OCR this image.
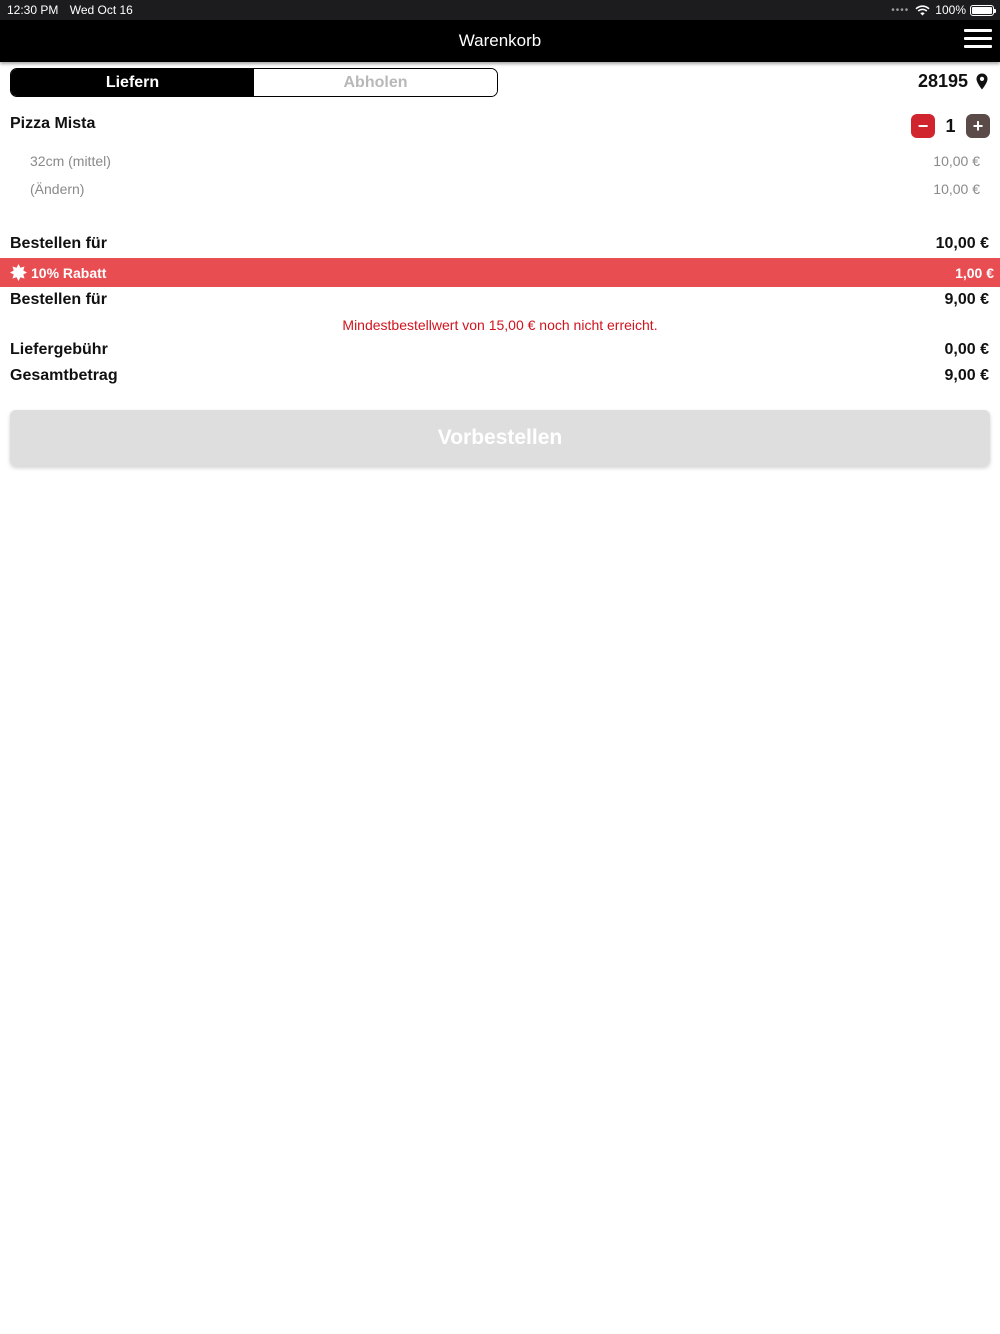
12:30 PM Wed Oct 16	•••• 100%
Warenkorb
Liefern	Abholen	28195
Pizza Mista	− 1 +
32cm (mittel)	10,00 €
(Ändern)	10,00 €
Bestellen für	10,00 €
10% Rabatt	1,00 €
Bestellen für	9,00 €
Mindestbestellwert von 15,00 € noch nicht erreicht.
Liefergebühr	0,00 €
Gesamtbetrag	9,00 €
Vorbestellen
